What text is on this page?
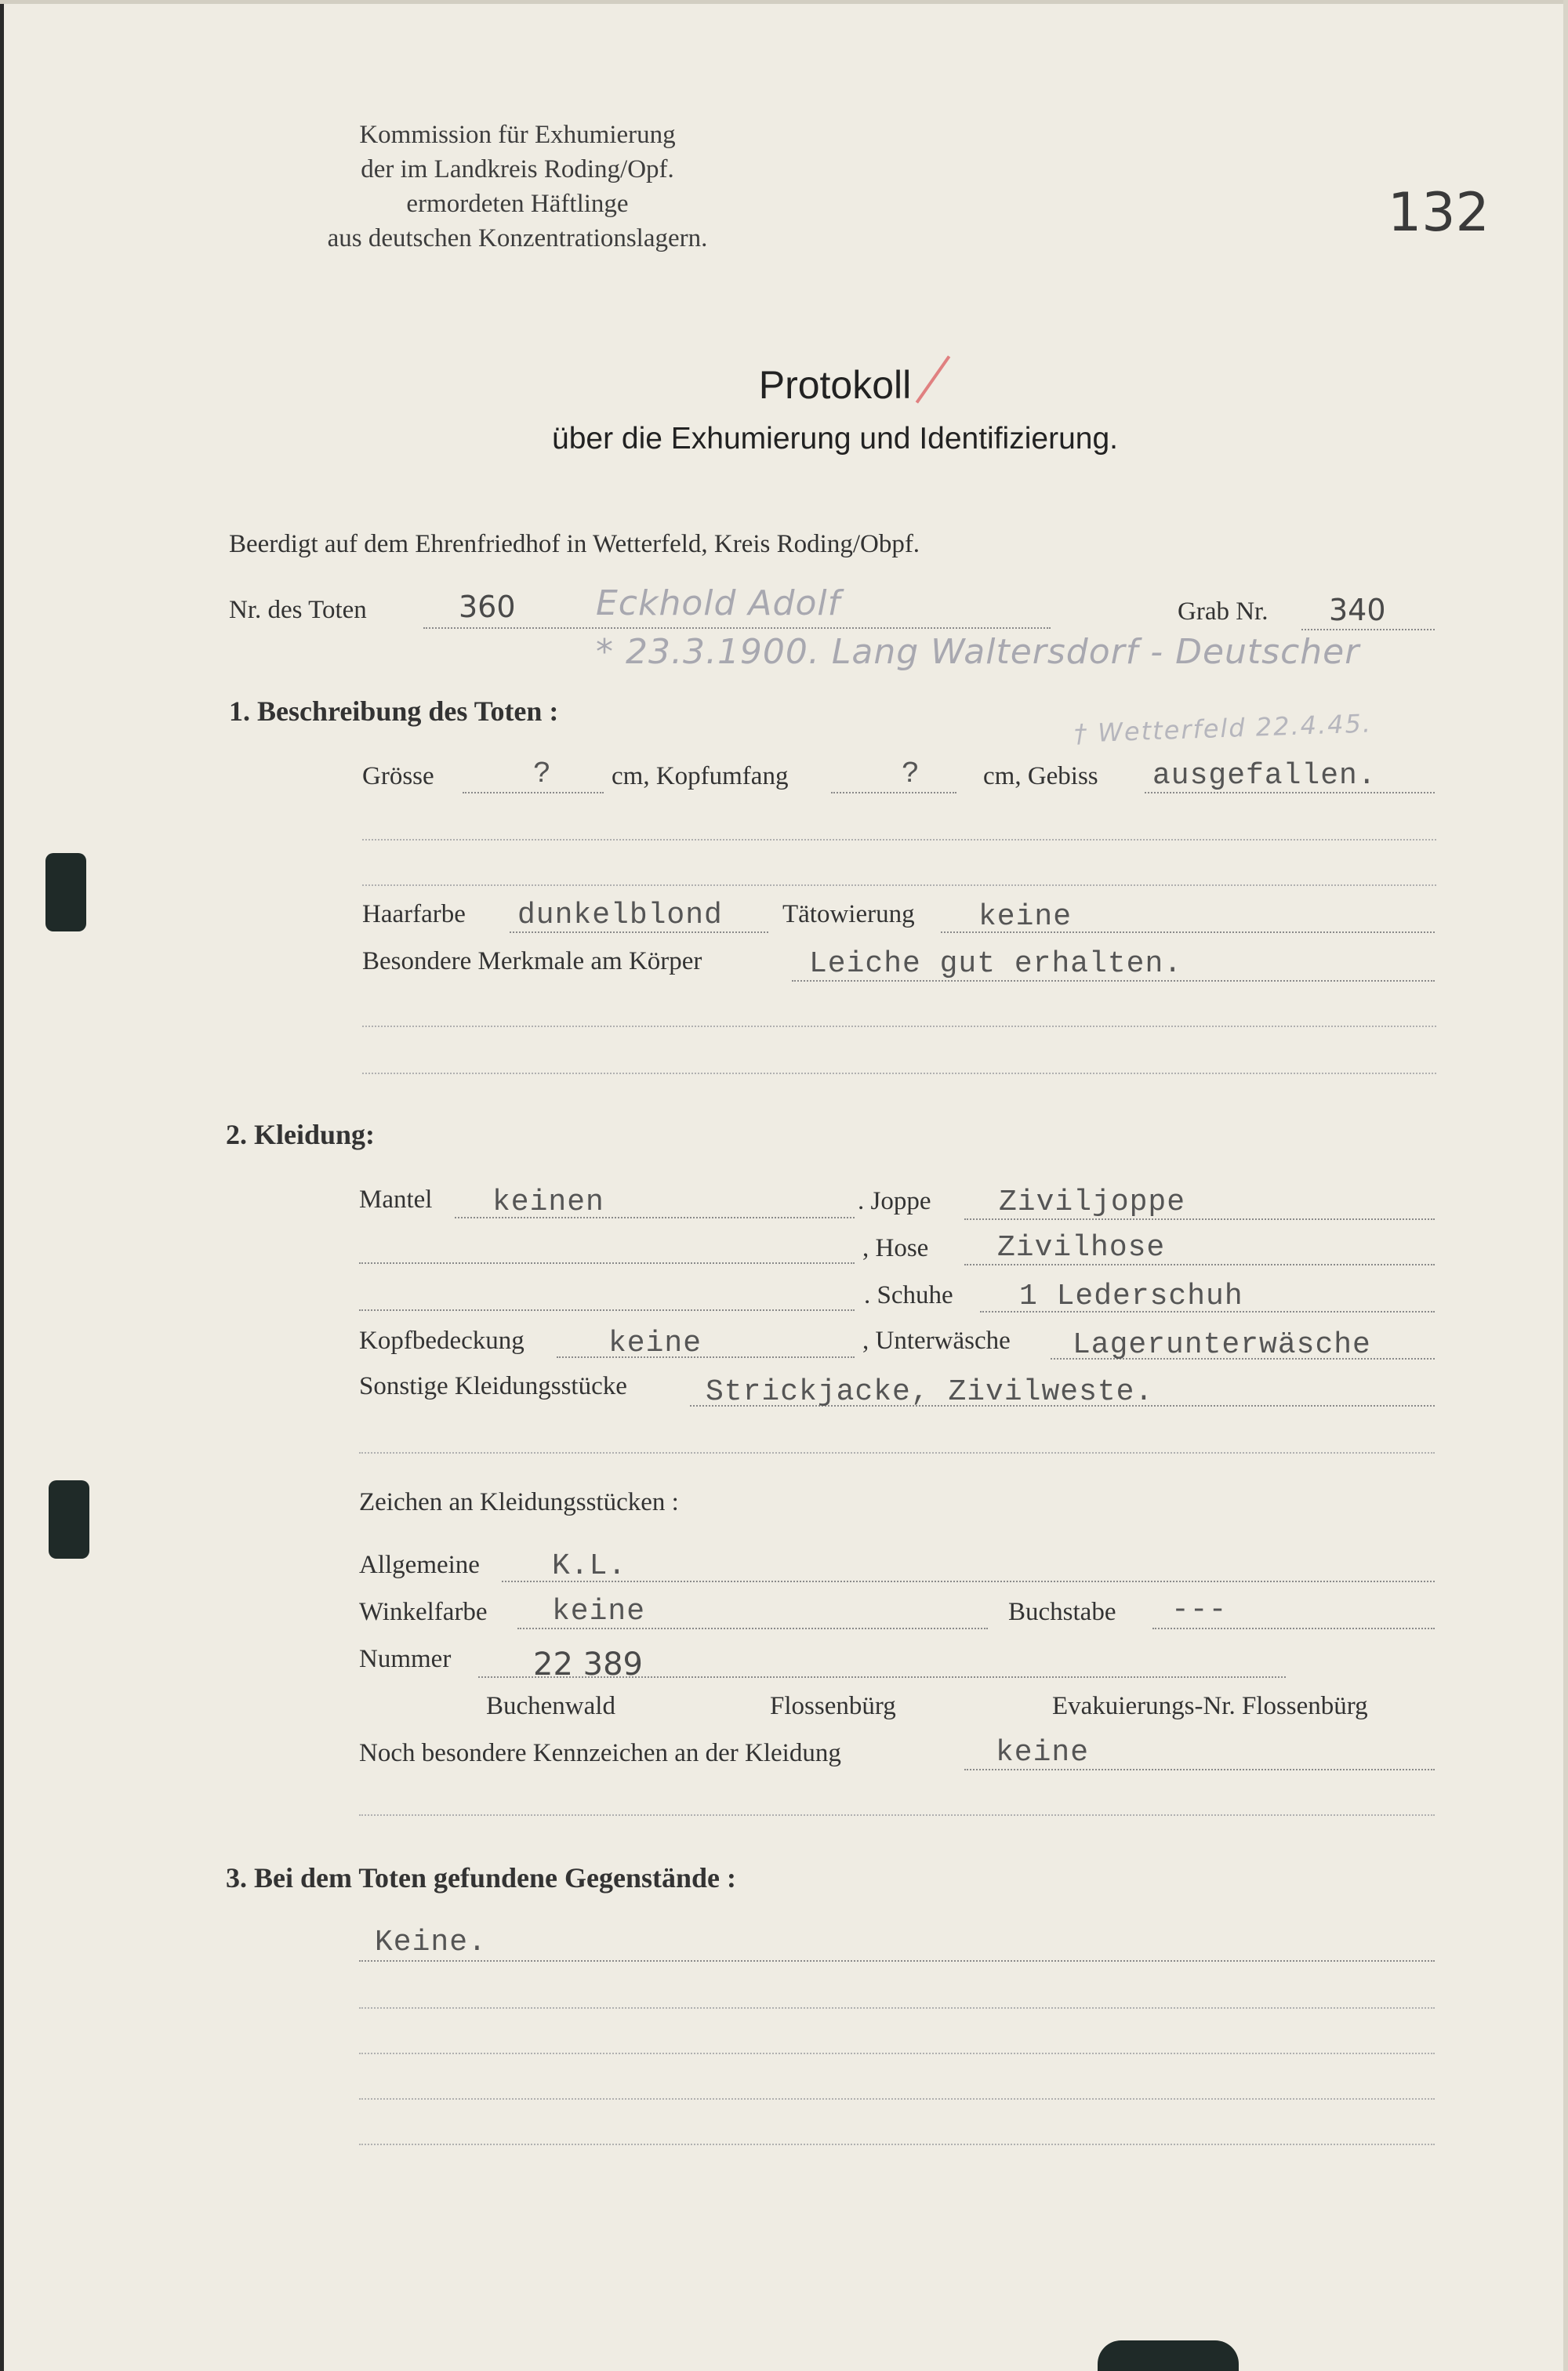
Kommission für Exhumierung
der im Landkreis Roding/Opf.
ermordeten Häftlinge
aus deutschen Konzentrationslagern.	132
Protokoll
über die Exhumierung und Identifizierung.
Beerdigt auf dem Ehrenfriedhof in Wetterfeld, Kreis Roding/Obpf.
Nr. des Toten	360 Eckhold Adolf	Grab Nr. 340
* 23.3.1900. Lang Waltersdorf - Deutscher
1. Beschreibung des Toten :	† Wetterfeld 22.4.45.
Grösse	? cm, Kopfumfang	? cm, Gebiss ausgefallen.
Haarfarbe dunkelblond Tätowierung keine
Besondere Merkmale am Körper	Leiche gut erhalten.
2. Kleidung:
Mantel keinen	. Joppe Ziviljoppe
, Hose Zivilhose
. Schuhe 1 Lederschuh
Kopfbedeckung	keine	, Unterwäsche Lagerunterwäsche
Sonstige Kleidungsstücke	Strickjacke, Zivilweste.
Zeichen an Kleidungsstücken :
Allgemeine K.L.
Winkelfarbe keine	Buchstabe ---
Nummer	22 389
Buchenwald	Flossenbürg	Evakuierungs-Nr. Flossenbürg
Noch besondere Kennzeichen an der Kleidung	keine
3. Bei dem Toten gefundene Gegenstände :
Keine.
